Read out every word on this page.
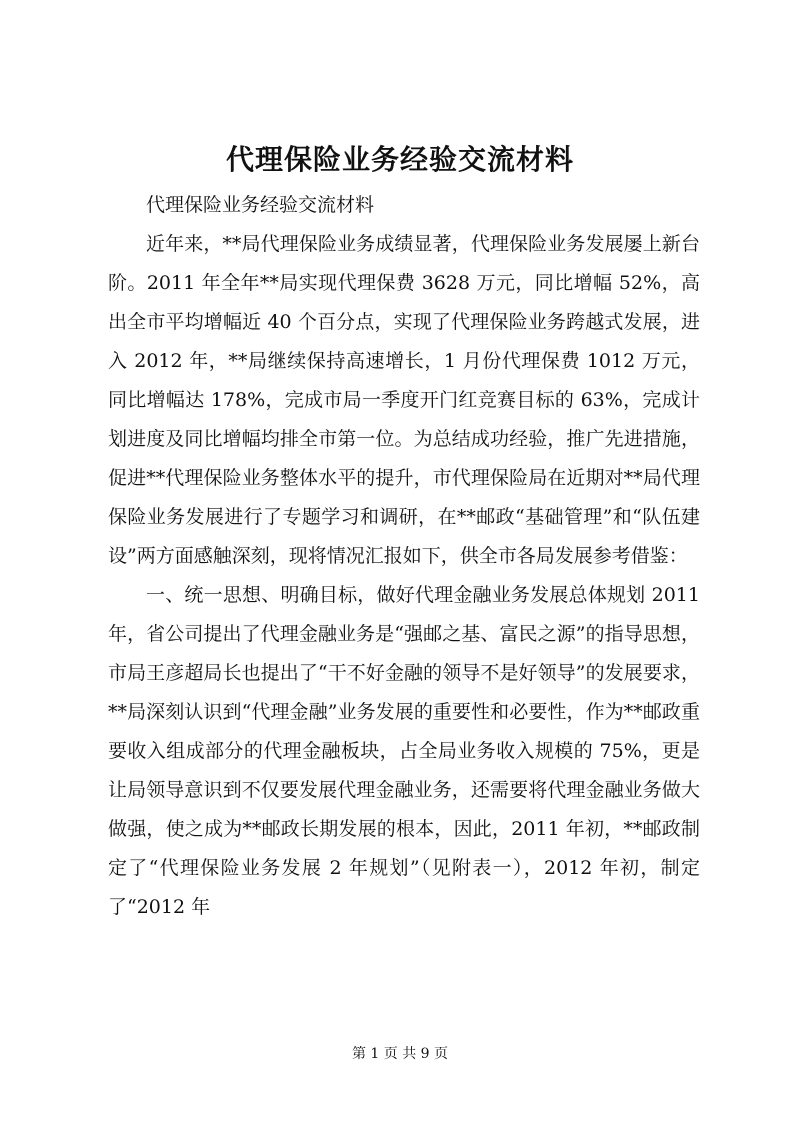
代理保险业务经验交流材料

代理保险业务经验交流材料

近年来，**局代理保险业务成绩显著，代理保险业务发展屡上新台阶。2011 年全年**局实现代理保费 3628 万元，同比增幅 52%，高出全市平均增幅近 40 个百分点，实现了代理保险业务跨越式发展，进入 2012 年，**局继续保持高速增长，1 月份代理保费 1012 万元，同比增幅达 178%，完成市局一季度开门红竞赛目标的 63%，完成计划进度及同比增幅均排全市第一位。为总结成功经验，推广先进措施，促进**代理保险业务整体水平的提升，市代理保险局在近期对**局代理保险业务发展进行了专题学习和调研，在**邮政“基础管理”和“队伍建设”两方面感触深刻，现将情况汇报如下，供全市各局发展参考借鉴：

一、统一思想、明确目标，做好代理金融业务发展总体规划 2011 年，省公司提出了代理金融业务是“强邮之基、富民之源”的指导思想，市局王彦超局长也提出了“干不好金融的领导不是好领导”的发展要求，**局深刻认识到“代理金融”业务发展的重要性和必要性，作为**邮政重要收入组成部分的代理金融板块，占全局业务收入规模的 75%，更是让局领导意识到不仅要发展代理金融业务，还需要将代理金融业务做大做强，使之成为**邮政长期发展的根本，因此，2011 年初，**邮政制定了“代理保险业务发展 2 年规划”（见附表一），2012 年初，制定了“2012 年

第 1 页 共 9 页
